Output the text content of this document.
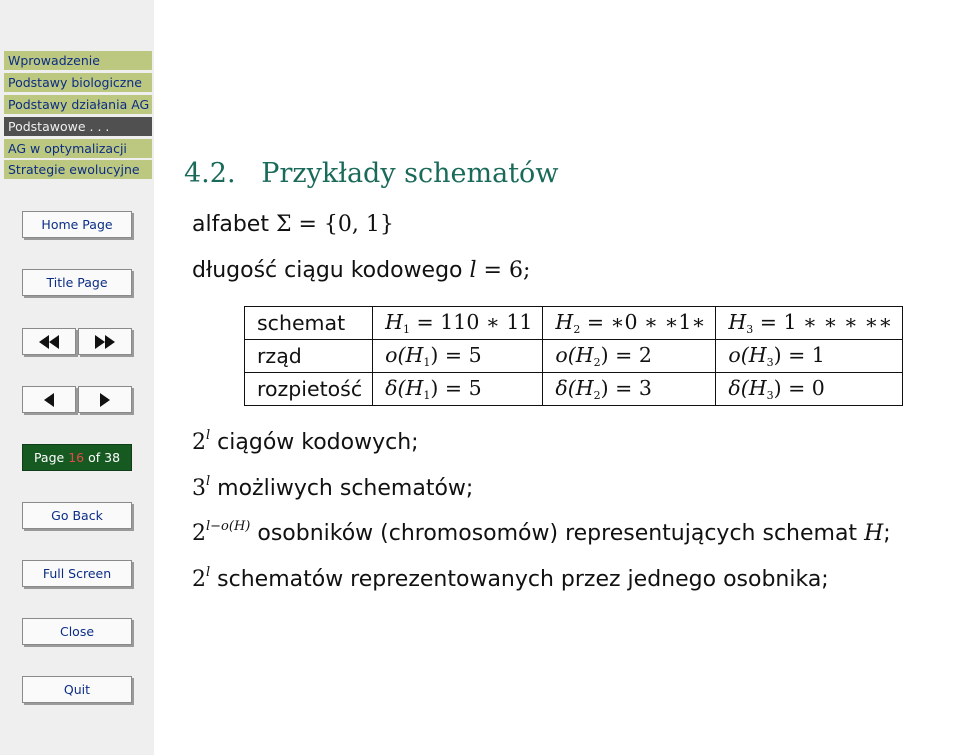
Wprowadzenie
Podstawy biologiczne
Podstawy działania AG
Podstawowe . . .
AG w optymalizacji
Strategie ewolucyjne
Home Page
Title Page
Page 16 of 38
Go Back
Full Screen
Close
Quit
4.2. Przykłady schematów
alfabet Σ = {0, 1}
długość ciągu kodowego l = 6;
schemat	$H_1 = 110$ ∗ 11	$H_2$ = ∗0 ∗ ∗1∗	$H_3 = 1$ ∗ ∗ ∗ ∗∗
rząd	$o(H_1) = 5$	$o(H_2) = 2$	$o(H_3) = 1$
rozpietość	$\delta(H_1) = 5$	$\delta(H_2) = 3$	$\delta(H_3) = 0$
2$^l$ ciągów kodowych;
3$^l$ możliwych schematów;
$2^{l-o(H)}$ osobników (chromosomów) representujących schemat H;
2$^l$ schematów reprezentowanych przez jednego osobnika;
